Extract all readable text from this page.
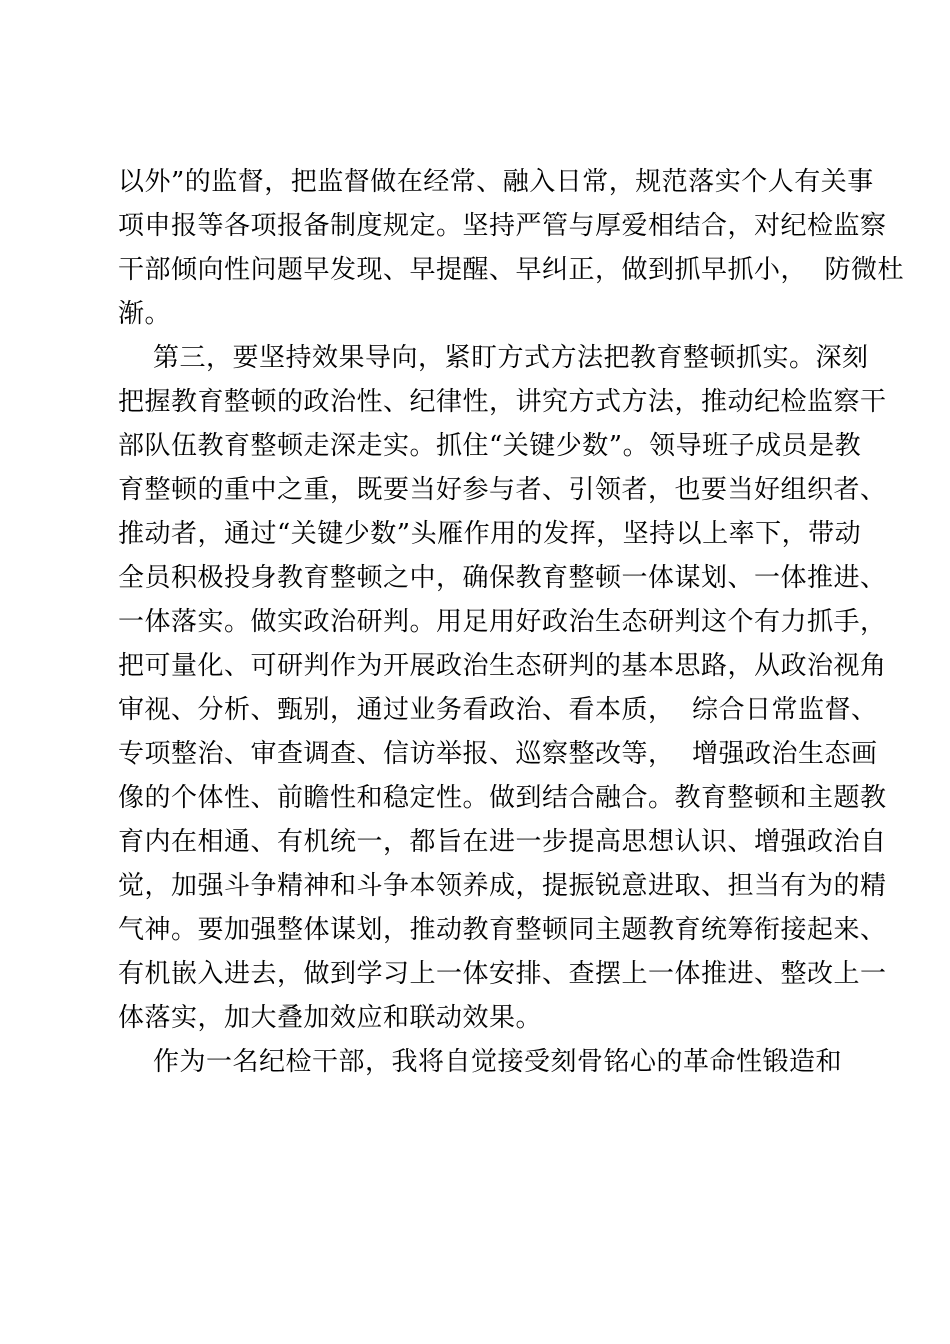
以外”的监督，把监督做在经常、融入日常，规范落实个人有关事
项申报等各项报备制度规定。坚持严管与厚爱相结合，对纪检监察
干部倾向性问题早发现、早提醒、早纠正，做到抓早抓小，  防微杜
渐。
第三，要坚持效果导向，紧盯方式方法把教育整顿抓实。深刻
把握教育整顿的政治性、纪律性，讲究方式方法，推动纪检监察干
部队伍教育整顿走深走实。抓住“关键少数”。领导班子成员是教
育整顿的重中之重，既要当好参与者、引领者，也要当好组织者、
推动者，通过“关键少数”头雁作用的发挥，坚持以上率下，带动
全员积极投身教育整顿之中，确保教育整顿一体谋划、一体推进、
一体落实。做实政治研判。用足用好政治生态研判这个有力抓手，
把可量化、可研判作为开展政治生态研判的基本思路，从政治视角
审视、分析、甄别，通过业务看政治、看本质，  综合日常监督、
专项整治、审查调查、信访举报、巡察整改等，  增强政治生态画
像的个体性、前瞻性和稳定性。做到结合融合。教育整顿和主题教
育内在相通、有机统一，都旨在进一步提高思想认识、增强政治自
觉，加强斗争精神和斗争本领养成，提振锐意进取、担当有为的精
气神。要加强整体谋划，推动教育整顿同主题教育统筹衔接起来、
有机嵌入进去，做到学习上一体安排、查摆上一体推进、整改上一
体落实，加大叠加效应和联动效果。
作为一名纪检干部，我将自觉接受刻骨铭心的革命性锻造和
